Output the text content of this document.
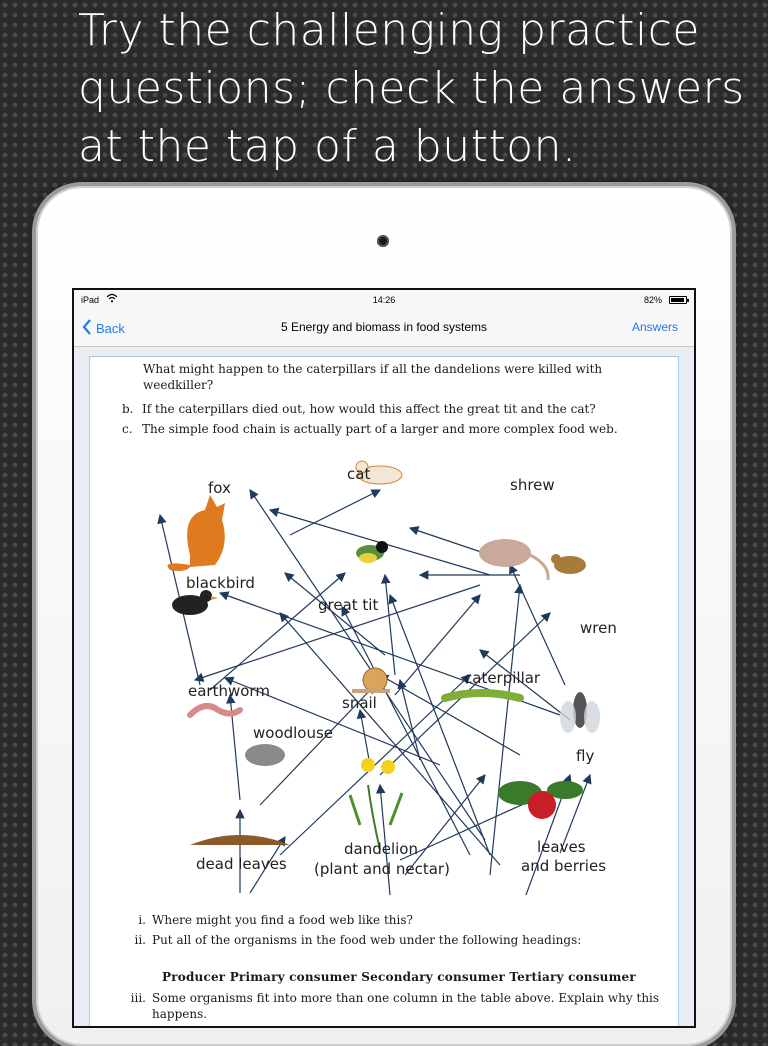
Try the challenging practice questions; check the answers at the tap of a button.
iPad	14:26	82%
Back	5 Energy and biomass in food systems	Answers
What might happen to the caterpillars if all the dandelions were killed with weedkiller?
b. If the caterpillars died out, how would this affect the great tit and the cat?
c. The simple food chain is actually part of a larger and more complex food web.
fox
cat
shrew
blackbird
great tit
wren
earthworm
caterpillar
snail
woodlouse
fly
dead leaves
dandelion
(plant and nectar)
leaves
and berries
i. Where might you find a food web like this?
ii. Put all of the organisms in the food web under the following headings:
Producer Primary consumer Secondary consumer Tertiary consumer
iii. Some organisms fit into more than one column in the table above. Explain why this happens.
